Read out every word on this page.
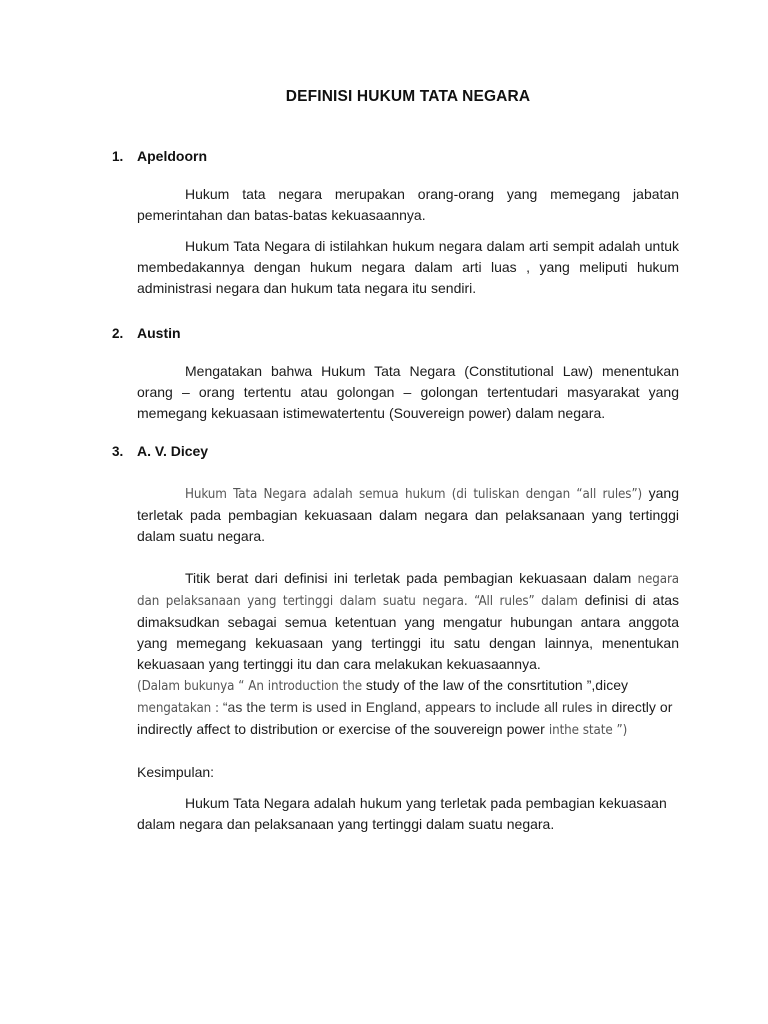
DEFINISI HUKUM TATA NEGARA
1. Apeldoorn

Hukum tata negara merupakan orang-orang yang memegang jabatan pemerintahan dan batas-batas kekuasaannya.

Hukum Tata Negara di istilahkan hukum negara dalam arti sempit adalah untuk membedakannya dengan hukum negara dalam arti luas , yang meliputi hukum administrasi negara dan hukum tata negara itu sendiri.

2. Austin

Mengatakan bahwa Hukum Tata Negara (Constitutional Law) menentukan orang – orang tertentu atau golongan – golongan tertentudari masyarakat yang memegang kekuasaan istimewatertentu (Souvereign power) dalam negara.

3. A. V. Dicey

Hukum Tata Negara adalah semua hukum (di tuliskan dengan “all rules”) yang terletak pada pembagian kekuasaan dalam negara dan pelaksanaan yang tertinggi dalam suatu negara.

Titik berat dari definisi ini terletak pada pembagian kekuasaan dalam negara dan pelaksanaan yang tertinggi dalam suatu negara. “All rules” dalam definisi di atas dimaksudkan sebagai semua ketentuan yang mengatur hubungan antara anggota yang memegang kekuasaan yang tertinggi itu satu dengan lainnya, menentukan kekuasaan yang tertinggi itu dan cara melakukan kekuasaannya.

(Dalam bukunya “ An introduction the study of the law of the consrtitution ”,dicey mengatakan : “as the term is used in England, appears to include all rules in directly or indirectly affect to distribution or exercise of the souvereign power inthe state ”)

Kesimpulan:

Hukum Tata Negara adalah hukum yang terletak pada pembagian kekuasaan dalam negara dan pelaksanaan yang tertinggi dalam suatu negara.
